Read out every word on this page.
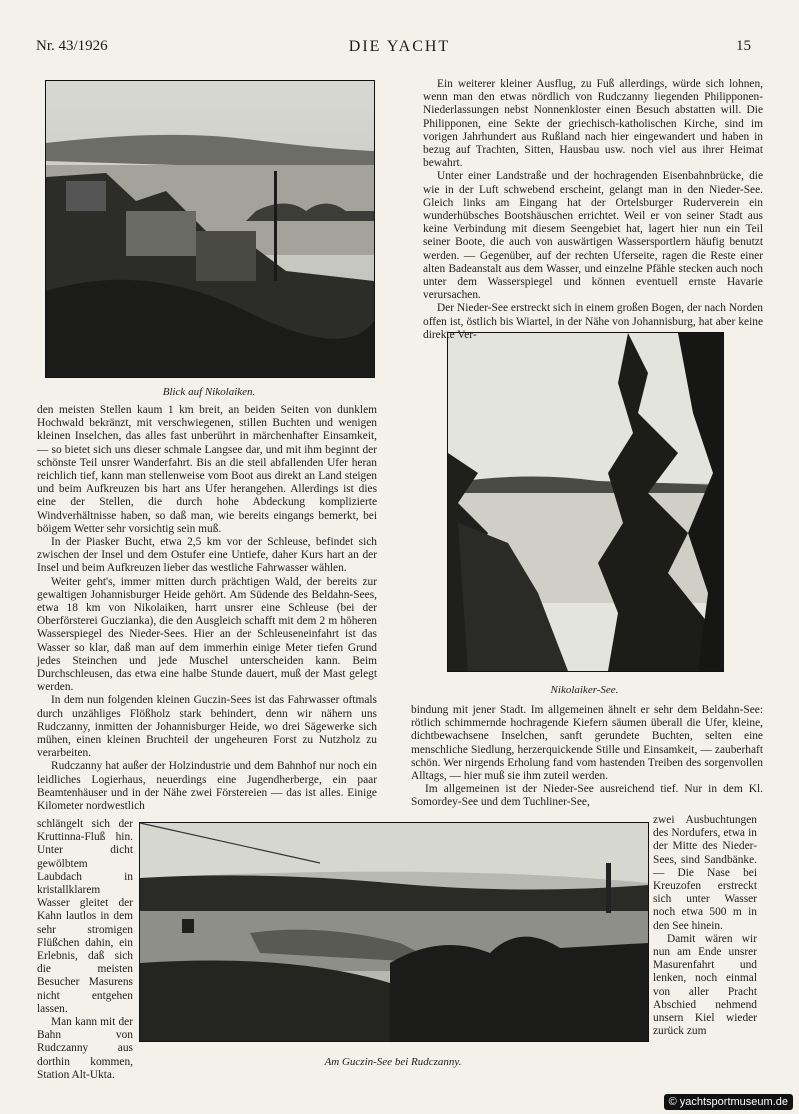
Nr. 43/1926	DIE YACHT	15
Blick auf Nikolaiken.
Nikolaiker-See.
Am Guczin-See bei Rudczanny.

den meisten Stellen kaum 1 km breit, an beiden Seiten von dunklem Hochwald bekränzt, mit verschwiegenen, stillen Buchten und wenigen kleinen Inselchen, das alles fast unberührt in märchenhafter Einsamkeit, — so bietet sich uns dieser schmale Langsee dar, und mit ihm beginnt der schönste Teil unsrer Wanderfahrt. Bis an die steil abfallenden Ufer heran reichlich tief, kann man stellenweise vom Boot aus direkt an Land steigen und beim Aufkreuzen bis hart ans Ufer herangehen. Allerdings ist dies eine der Stellen, die durch hohe Abdeckung komplizierte Windverhältnisse haben, so daß man, wie bereits eingangs bemerkt, bei böigem Wetter sehr vorsichtig sein muß.

In der Piasker Bucht, etwa 2,5 km vor der Schleuse, befindet sich zwischen der Insel und dem Ostufer eine Untiefe, daher Kurs hart an der Insel und beim Aufkreuzen lieber das westliche Fahrwasser wählen.

Weiter geht's, immer mitten durch prächtigen Wald, der bereits zur gewaltigen Johannisburger Heide gehört. Am Südende des Beldahn-Sees, etwa 18 km von Nikolaiken, harrt unsrer eine Schleuse (bei der Oberförsterei Guczianka), die den Ausgleich schafft mit dem 2 m höheren Wasserspiegel des Nieder-Sees. Hier an der Schleuseneinfahrt ist das Wasser so klar, daß man auf dem immerhin einige Meter tiefen Grund jedes Steinchen und jede Muschel unterscheiden kann. Beim Durchschleusen, das etwa eine halbe Stunde dauert, muß der Mast gelegt werden.

In dem nun folgenden kleinen Guczin-Sees ist das Fahrwasser oftmals durch unzähliges Flößholz stark behindert, denn wir nähern uns Rudczanny, inmitten der Johannisburger Heide, wo drei Sägewerke sich mühen, einen kleinen Bruchteil der ungeheuren Forst zu Nutzholz zu verarbeiten.

Rudczanny hat außer der Holzindustrie und dem Bahnhof nur noch ein leidliches Logierhaus, neuerdings eine Jugendherberge, ein paar Beamtenhäuser und in der Nähe zwei Förstereien — das ist alles. Einige Kilometer nordwestlich

schlängelt sich der Kruttinna-Fluß hin. Unter dicht gewölbtem Laubdach in kristallklarem Wasser gleitet der Kahn lautlos in dem sehr stromigen Flüßchen dahin, ein Erlebnis, daß sich die meisten Besucher Masurens nicht entgehen lassen.

Man kann mit der Bahn von Rudczanny aus dorthin kommen, Station Alt-Ukta.

Ein weiterer kleiner Ausflug, zu Fuß allerdings, würde sich lohnen, wenn man den etwas nördlich von Rudczanny liegenden Philipponen-Niederlassungen nebst Nonnenkloster einen Besuch abstatten will. Die Philipponen, eine Sekte der griechisch-katholischen Kirche, sind im vorigen Jahrhundert aus Rußland nach hier eingewandert und haben in bezug auf Trachten, Sitten, Hausbau usw. noch viel aus ihrer Heimat bewahrt.

Unter einer Landstraße und der hochragenden Eisenbahnbrücke, die wie in der Luft schwebend erscheint, gelangt man in den Nieder-See. Gleich links am Eingang hat der Ortelsburger Ruderverein ein wunderhübsches Bootshäuschen errichtet. Weil er von seiner Stadt aus keine Verbindung mit diesem Seengebiet hat, lagert hier nun ein Teil seiner Boote, die auch von auswärtigen Wassersportlern häufig benutzt werden. — Gegenüber, auf der rechten Uferseite, ragen die Reste einer alten Badeanstalt aus dem Wasser, und einzelne Pfähle stecken auch noch unter dem Wasserspiegel und können eventuell ernste Havarie verursachen.

Der Nieder-See erstreckt sich in einem großen Bogen, der nach Norden offen ist, östlich bis Wiartel, in der Nähe von Johannisburg, hat aber keine direkte Ver-

bindung mit jener Stadt. Im allgemeinen ähnelt er sehr dem Beldahn-See: rötlich schimmernde hochragende Kiefern säumen überall die Ufer, kleine, dichtbewachsene Inselchen, sanft gerundete Buchten, selten eine menschliche Siedlung, herzerquickende Stille und Einsamkeit, — zauberhaft schön. Wer nirgends Erholung fand vom hastenden Treiben des sorgenvollen Alltags, — hier muß sie ihm zuteil werden.

Im allgemeinen ist der Nieder-See ausreichend tief. Nur in dem Kl. Somordey-See und dem Tuchliner-See,

zwei Ausbuchtungen des Nordufers, etwa in der Mitte des Nieder-Sees, sind Sandbänke. — Die Nase bei Kreuzofen erstreckt sich unter Wasser noch etwa 500 m in den See hinein.

Damit wären wir nun am Ende unsrer Masurenfahrt und lenken, noch einmal von aller Pracht Abschied nehmend unsern Kiel wieder zurück zum

© yachtsportmuseum.de
